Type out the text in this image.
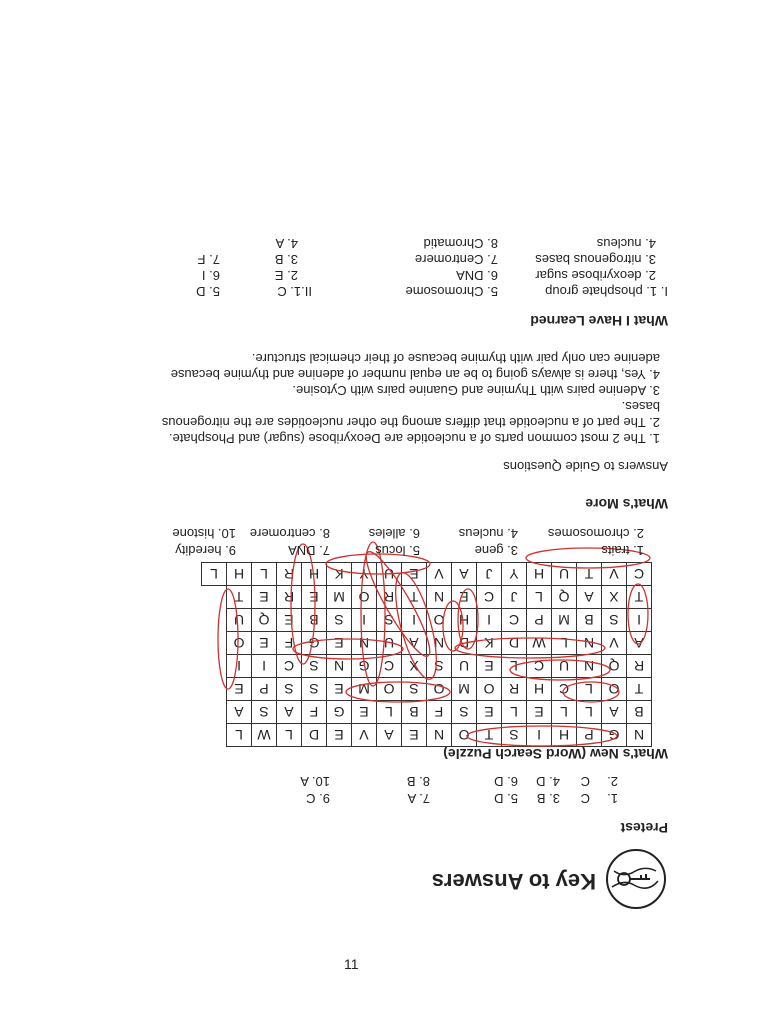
11
Key to Answers
Pretest
1.
C
3. B
5. D
7. A
9. C
2.
C
4. D
6. D
8. B
10. A
What's New (Word Search Puzzle)
N	G	P	H	I	S	T	O	N	E	A	V	E	D	L	W	L	
B	A	L	L	E	L	E	S	F	B	L	E	G	F	A	S	A	
T	O	L	C	H	R	O	M	O	S	O	M	E	S	S	P	E	
R	Q	N	U	C	L	E	U	S	X	C	G	N	S	C	I	I	
A	V	N	L	W	D	K	D	N	A	U	N	E	G	F	E	O	
I	S	B	M	P	C	I	H	O	I	S	I	S	B	E	Q	U	
T	X	A	Q	L	J	C	E	N	T	R	O	M	E	R	E	T	
C	V	T	U	H	Y	J	A	V	E	U	Y	K	H	R	L	H	L
1. traits
3. gene
5. locus
7. DNA
9. heredity
2. chromosomes
4. nucleus
6. alleles
8. centromere
10. histone
What's More
Answers to Guide Questions
1. The 2 most common parts of a nucleotide are Deoxyribose (sugar) and Phosphate.
2. The part of a nucleotide that differs among the other nucleotides are the nitrogenous
bases.
3. Adenine pairs with Thymine and Guanine pairs with Cytosine.
4. Yes, there is always going to be an equal number of adenine and thymine because
adenine can only pair with thymine because of their chemical structure.
What I Have Learned
I. 1. phosphate group
2. deoxyribose sugar
3. nitrogenous bases
4. nucleus
5. Chromosome
6. DNA
7. Centromere
8. Chromatid
II.1. C
2. E
3. B
4. A
5. D
6. I
7. F
